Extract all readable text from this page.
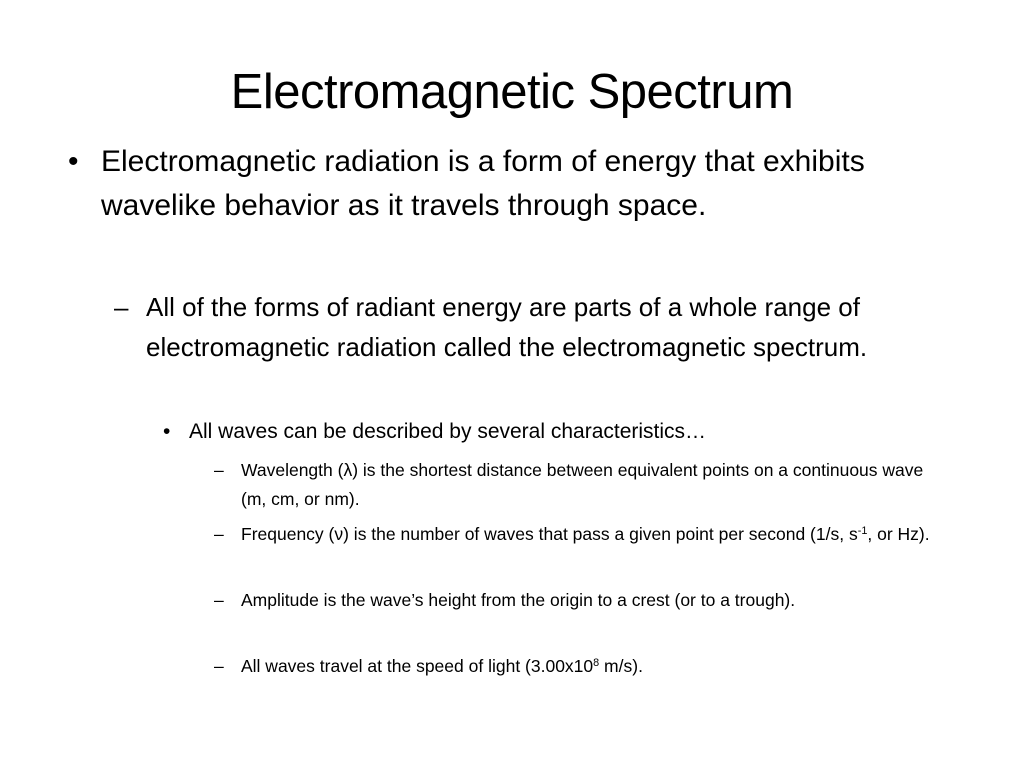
Electromagnetic Spectrum
• Electromagnetic radiation is a form of energy that exhibits wavelike behavior as it travels through space.
– All of the forms of radiant energy are parts of a whole range of electromagnetic radiation called the electromagnetic spectrum.
• All waves can be described by several characteristics…
– Wavelength (λ) is the shortest distance between equivalent points on a continuous wave (m, cm, or nm).
– Frequency (ν) is the number of waves that pass a given point per second (1/s, $s^{-1}$, or Hz).
– Amplitude is the wave’s height from the origin to a crest (or to a trough).
– All waves travel at the speed of light ($3.00x10^8$ m/s).
